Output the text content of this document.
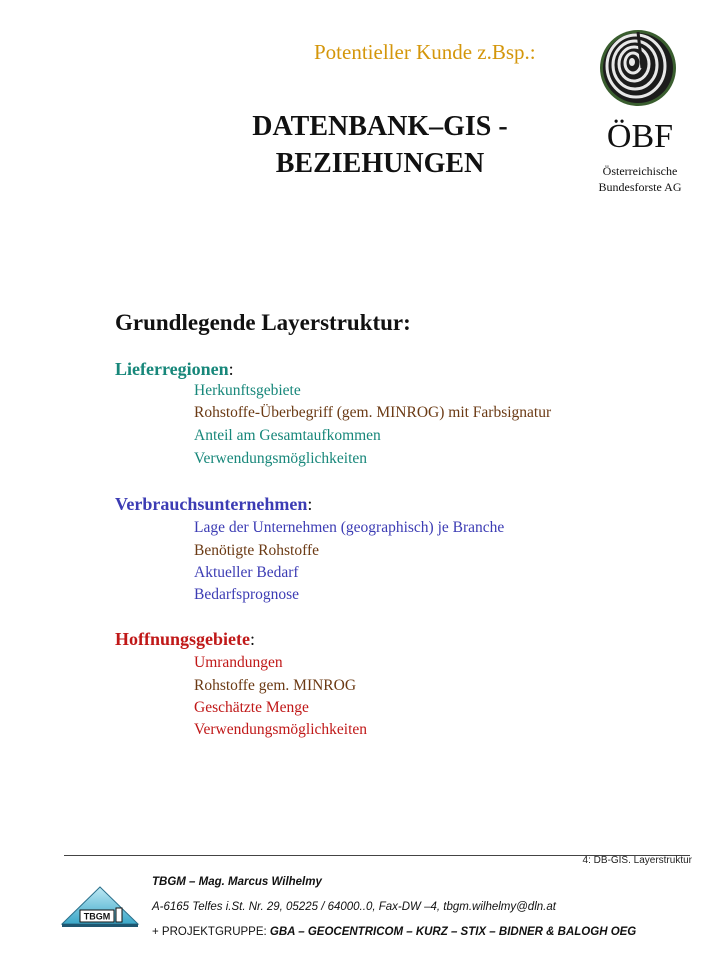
Potentieller Kunde z.Bsp.:
DATENBANK–GIS -
BEZIEHUNGEN
ÖBF
Österreichische
Bundesforste AG
Grundlegende Layerstruktur:
Lieferregionen:
Herkunftsgebiete
Rohstoffe-Überbegriff (gem. MINROG) mit Farbsignatur
Anteil am Gesamtaufkommen
Verwendungsmöglichkeiten
Verbrauchsunternehmen:
Lage der Unternehmen (geographisch) je Branche
Benötigte Rohstoffe
Aktueller Bedarf
Bedarfsprognose
Hoffnungsgebiete:
Umrandungen
Rohstoffe gem. MINROG
Geschätzte Menge
Verwendungsmöglichkeiten
4: DB-GIS. Layerstruktur
TBGM
TBGM – Mag. Marcus Wilhelmy
A-6165 Telfes i.St. Nr. 29, 05225 / 64000..0, Fax-DW –4, tbgm.wilhelmy@dln.at
+ PROJEKTGRUPPE: GBA – GEOCENTRICOM – KURZ – STIX – BIDNER & BALOGH OEG
